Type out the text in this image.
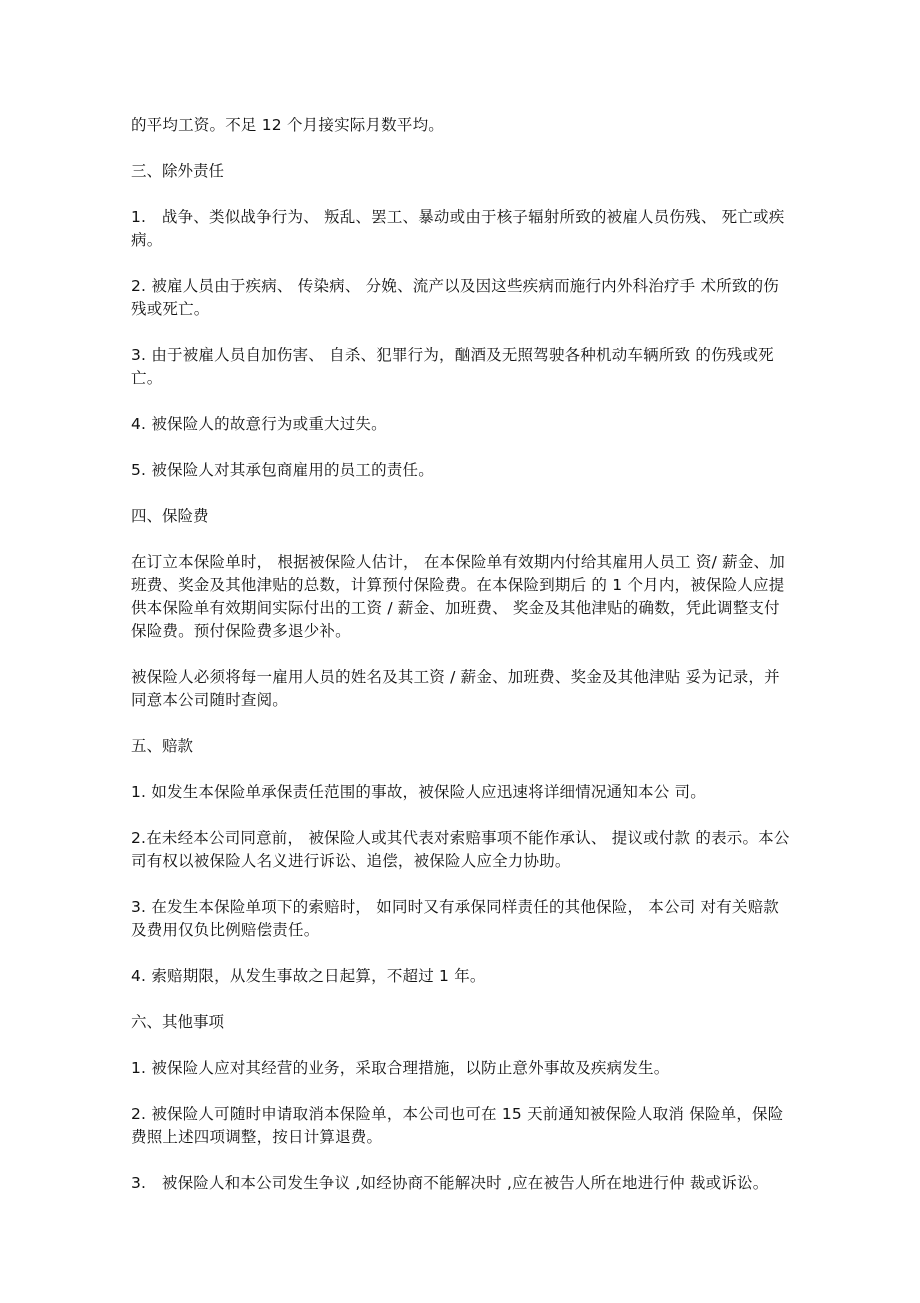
的平均工资。不足 12 个月接实际月数平均。

三、除外责任

1.　战争、类似战争行为、 叛乱、罢工、暴动或由于核子辐射所致的被雇人员伤残、 死亡或疾病。

2. 被雇人员由于疾病、 传染病、 分娩、流产以及因这些疾病而施行内外科治疗手 术所致的伤残或死亡。

3. 由于被雇人员自加伤害、 自杀、犯罪行为，酗酒及无照驾驶各种机动车辆所致 的伤残或死亡。

4. 被保险人的故意行为或重大过失。

5. 被保险人对其承包商雇用的员工的责任。

四、保险费

在订立本保险单时， 根据被保险人估计， 在本保险单有效期内付给其雇用人员工 资/ 薪金、加班费、奖金及其他津贴的总数，计算预付保险费。在本保险到期后 的 1 个月内，被保险人应提供本保险单有效期间实际付出的工资 / 薪金、加班费、 奖金及其他津贴的确数，凭此调整支付保险费。预付保险费多退少补。

被保险人必须将每一雇用人员的姓名及其工资 / 薪金、加班费、奖金及其他津贴 妥为记录，并同意本公司随时查阅。

五、赔款

1. 如发生本保险单承保责任范围的事故，被保险人应迅速将详细情况通知本公 司。

2.在未经本公司同意前， 被保险人或其代表对索赔事项不能作承认、 提议或付款 的表示。本公司有权以被保险人名义进行诉讼、追偿，被保险人应全力协助。

3. 在发生本保险单项下的索赔时， 如同时又有承保同样责任的其他保险， 本公司 对有关赔款及费用仅负比例赔偿责任。

4. 索赔期限，从发生事故之日起算，不超过 1 年。

六、其他事项

1. 被保险人应对其经营的业务，采取合理措施，以防止意外事故及疾病发生。

2. 被保险人可随时申请取消本保险单，本公司也可在 15 天前通知被保险人取消 保险单，保险费照上述四项调整，按日计算退费。

3.　被保险人和本公司发生争议 ,如经协商不能解决时 ,应在被告人所在地进行仲 裁或诉讼。
